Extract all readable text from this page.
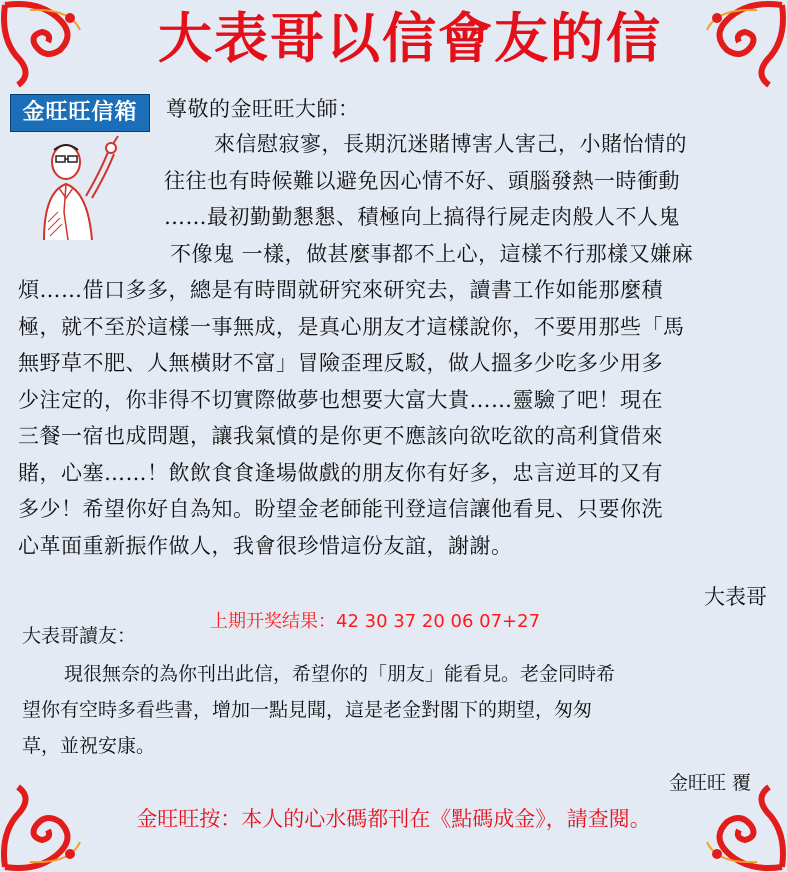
大表哥以信會友的信
金旺旺信箱	尊敬的金旺旺大師：
來信慰寂寥，長期沉迷賭博害人害己，小賭怡情的
往往也有時候難以避免因心情不好、頭腦發熱一時衝動
……最初勤勤懇懇、積極向上搞得行屍走肉般人不人鬼
不像鬼 一樣，做甚麼事都不上心，這樣不行那樣又嫌麻
煩……借口多多，總是有時間就研究來研究去，讀書工作如能那麼積
極，就不至於這樣一事無成，是真心朋友才這樣說你，不要用那些「馬
無野草不肥、人無橫財不富」冒險歪理反駁，做人搵多少吃多少用多
少注定的，你非得不切實際做夢也想要大富大貴……靈驗了吧！現在
三餐一宿也成問題，讓我氣憤的是你更不應該向欲吃欲的高利貸借來
賭，心塞……！飲飲食食逢場做戲的朋友你有好多，忠言逆耳的又有
多少！希望你好自為知。盼望金老師能刊登這信讓他看見、只要你洗
心革面重新振作做人，我會很珍惜這份友誼，謝謝。
大表哥
上期开奖结果：42 30 37 20 06 07+27
大表哥讀友：
現很無奈的為你刊出此信，希望你的「朋友」能看見。老金同時希
望你有空時多看些書，增加一點見聞，這是老金對閣下的期望，匆匆
草，並祝安康。
金旺旺 覆
金旺旺按：本人的心水碼都刊在《點碼成金》，請查閱。
